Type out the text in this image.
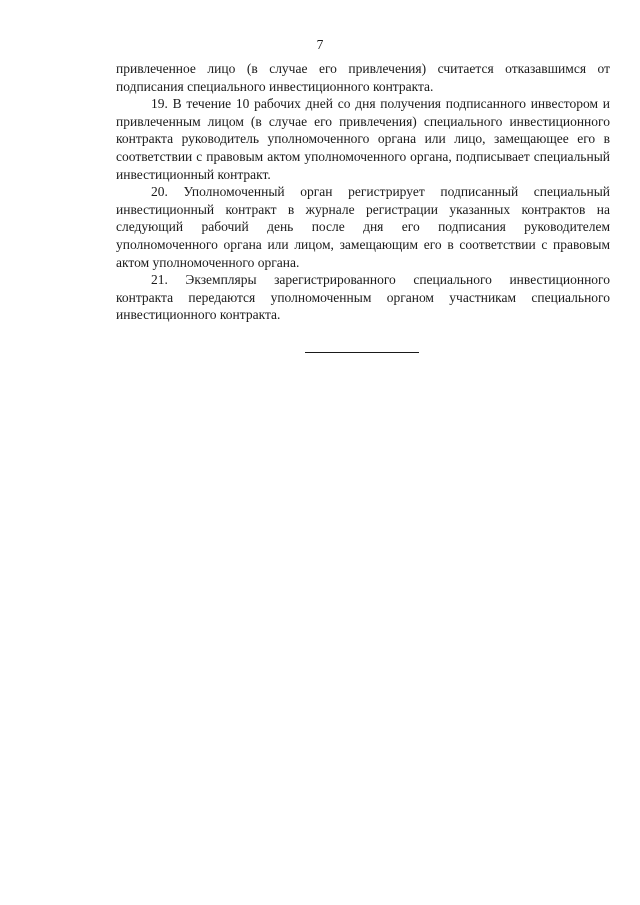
7

привлеченное лицо (в случае его привлечения) считается отказавшимся от подписания специального инвестиционного контракта.

19. В течение 10 рабочих дней со дня получения подписанного инвестором и привлеченным лицом (в случае его привлечения) специального инвестиционного контракта руководитель уполномоченного органа или лицо, замещающее его в соответствии с правовым актом уполномоченного органа, подписывает специальный инвестиционный контракт.

20. Уполномоченный орган регистрирует подписанный специальный инвестиционный контракт в журнале регистрации указанных контрактов на следующий рабочий день после дня его подписания руководителем уполномоченного органа или лицом, замещающим его в соответствии с правовым актом уполномоченного органа.

21. Экземпляры зарегистрированного специального инвестиционного контракта передаются уполномоченным органом участникам специального инвестиционного контракта.
